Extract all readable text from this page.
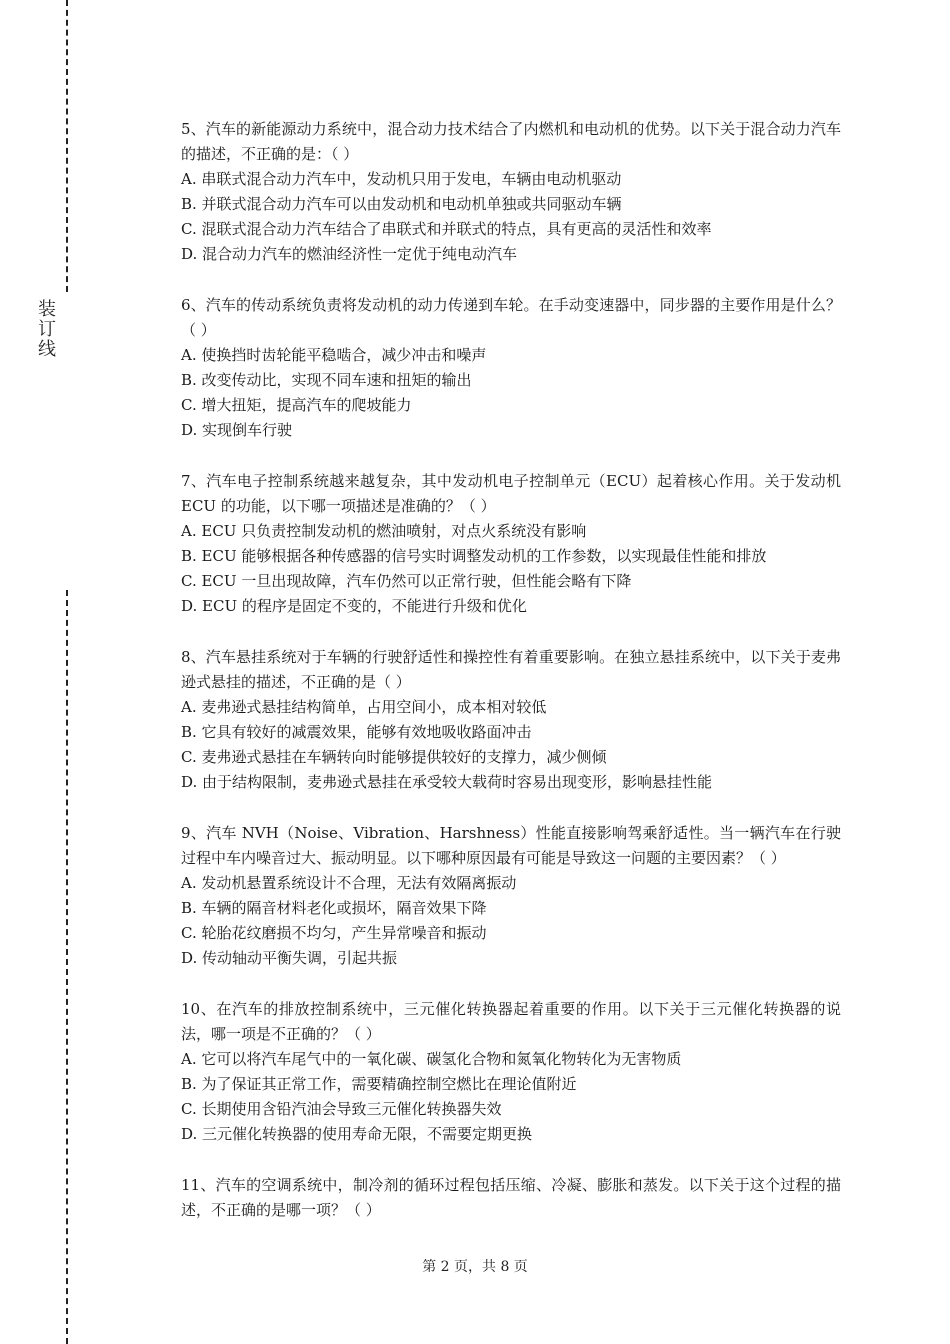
装
订
线

5、汽车的新能源动力系统中，混合动力技术结合了内燃机和电动机的优势。以下关于混合动力汽车的描述，不正确的是：（ ）

A. 串联式混合动力汽车中，发动机只用于发电，车辆由电动机驱动

B. 并联式混合动力汽车可以由发动机和电动机单独或共同驱动车辆

C. 混联式混合动力汽车结合了串联式和并联式的特点，具有更高的灵活性和效率

D. 混合动力汽车的燃油经济性一定优于纯电动汽车

6、汽车的传动系统负责将发动机的动力传递到车轮。在手动变速器中，同步器的主要作用是什么？（ ）

A. 使换挡时齿轮能平稳啮合，减少冲击和噪声

B. 改变传动比，实现不同车速和扭矩的输出

C. 增大扭矩，提高汽车的爬坡能力

D. 实现倒车行驶

7、汽车电子控制系统越来越复杂，其中发动机电子控制单元（ECU）起着核心作用。关于发动机 ECU 的功能，以下哪一项描述是准确的？（ ）

A. ECU 只负责控制发动机的燃油喷射，对点火系统没有影响

B. ECU 能够根据各种传感器的信号实时调整发动机的工作参数，以实现最佳性能和排放

C. ECU 一旦出现故障，汽车仍然可以正常行驶，但性能会略有下降

D. ECU 的程序是固定不变的，不能进行升级和优化

8、汽车悬挂系统对于车辆的行驶舒适性和操控性有着重要影响。在独立悬挂系统中，以下关于麦弗逊式悬挂的描述，不正确的是（ ）

A. 麦弗逊式悬挂结构简单，占用空间小，成本相对较低

B. 它具有较好的减震效果，能够有效地吸收路面冲击

C. 麦弗逊式悬挂在车辆转向时能够提供较好的支撑力，减少侧倾

D. 由于结构限制，麦弗逊式悬挂在承受较大载荷时容易出现变形，影响悬挂性能

9、汽车 NVH（Noise、Vibration、Harshness）性能直接影响驾乘舒适性。当一辆汽车在行驶过程中车内噪音过大、振动明显。以下哪种原因最有可能是导致这一问题的主要因素？（ ）

A. 发动机悬置系统设计不合理，无法有效隔离振动

B. 车辆的隔音材料老化或损坏，隔音效果下降

C. 轮胎花纹磨损不均匀，产生异常噪音和振动

D. 传动轴动平衡失调，引起共振

10、在汽车的排放控制系统中，三元催化转换器起着重要的作用。以下关于三元催化转换器的说法，哪一项是不正确的？（ ）

A. 它可以将汽车尾气中的一氧化碳、碳氢化合物和氮氧化物转化为无害物质

B. 为了保证其正常工作，需要精确控制空燃比在理论值附近

C. 长期使用含铅汽油会导致三元催化转换器失效

D. 三元催化转换器的使用寿命无限，不需要定期更换

11、汽车的空调系统中，制冷剂的循环过程包括压缩、冷凝、膨胀和蒸发。以下关于这个过程的描述，不正确的是哪一项？（ ）

第 2 页，共 8 页
